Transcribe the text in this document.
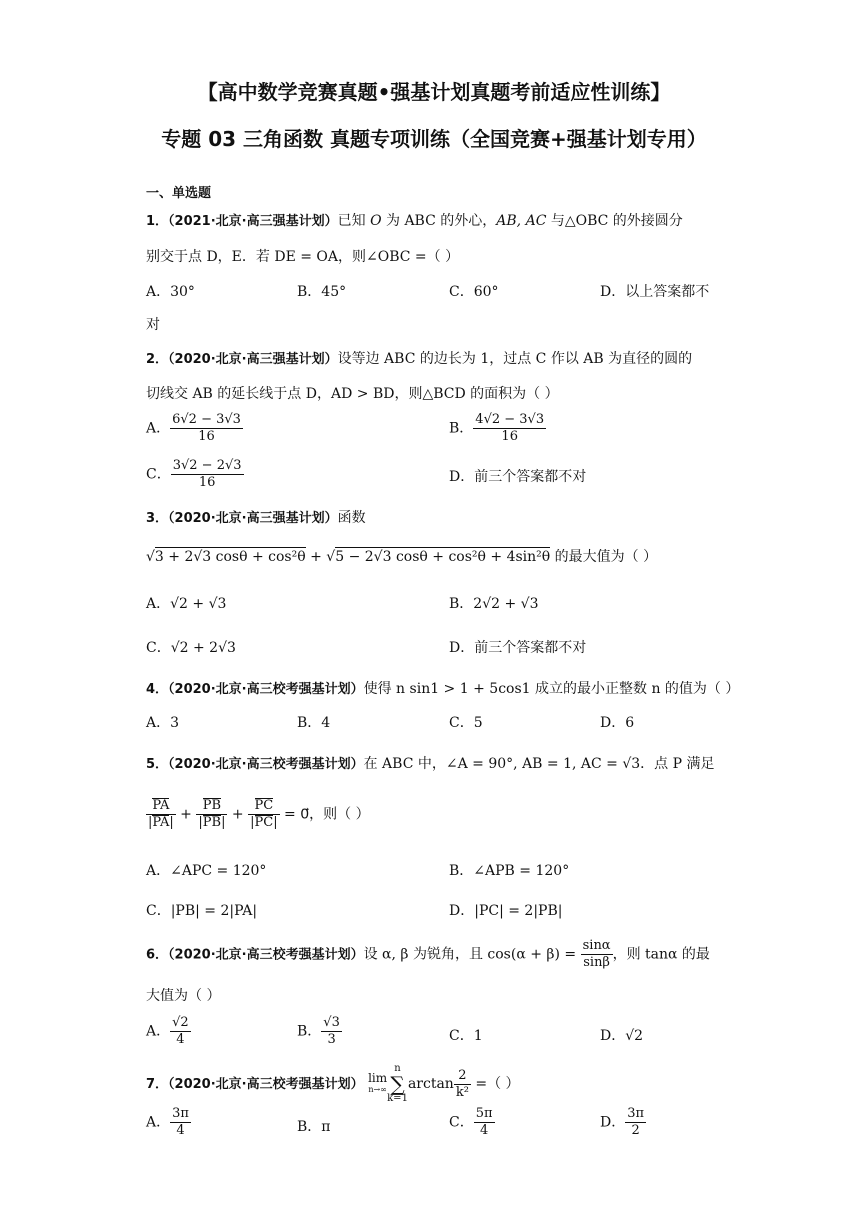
【高中数学竞赛真题•强基计划真题考前适应性训练】
专题 03 三角函数 真题专项训练（全国竞赛+强基计划专用）
一、单选题
1．（2021·北京·高三强基计划）已知 O 为 ABC 的外心，AB, AC 与△OBC 的外接圆分
别交于点 D，E．若 DE = OA，则∠OBC =（ ）
A．30°	B．45°	C．60°	D．以上答案都不
对
2．（2020·北京·高三强基计划）设等边 ABC 的边长为 1，过点 C 作以 AB 为直径的圆的
切线交 AB 的延长线于点 D，AD > BD，则△BCD 的面积为（ ）
A． $\frac{6√2 - 3√3}{16}$	B． $\frac{4√2 - 3√3}{16}$
C． $\frac{3√2 - 2√3}{16}$	D．前三个答案都不对
3．（2020·北京·高三强基计划）函数
√3 + 2√3 cosθ + cos²θ + √5 − 2√3 cosθ + cos²θ + 4sin²θ 的最大值为（ ）
A．√2 + √3	B．2√2 + √3
C．√2 + 2√3	D．前三个答案都不对
4．（2020·北京·高三校考强基计划）使得 n sin1 > 1 + 5cos1 成立的最小正整数 n 的值为（ ）
A．3	B．4	C．5	D．6
5．（2020·北京·高三校考强基计划）在 ABC 中，∠A = 90°, AB = 1, AC = √3．点 P 满足
$\frac{PA}{|PA|} + \frac{PB}{|PB|} + \frac{PC}{|PC|}$ = 0⃗，则（ ）
A．∠APC = 120°	B．∠APB = 120°
C．|PB| = 2|PA|	D．|PC| = 2|PB|
6．（2020·北京·高三校考强基计划）设 α, β 为锐角，且 $\cos(\alpha + \beta) = \frac{\sin\alpha}{\sin\beta}$ ，则 tanα 的最
大值为（ ）
A． $\frac{√2}{4}$	B． $\frac{√3}{3}$	C．1	D．√2
7．（2020·北京·高三校考强基计划） lim
n→∞n
∑
$k=1\arctan \frac{2}{\text{k²}}$ =（ ）
A． $\frac{3\pi}{4}$	B．π	C． $\frac{5\pi}{4}$	D． $\frac{3\pi}{2}$
